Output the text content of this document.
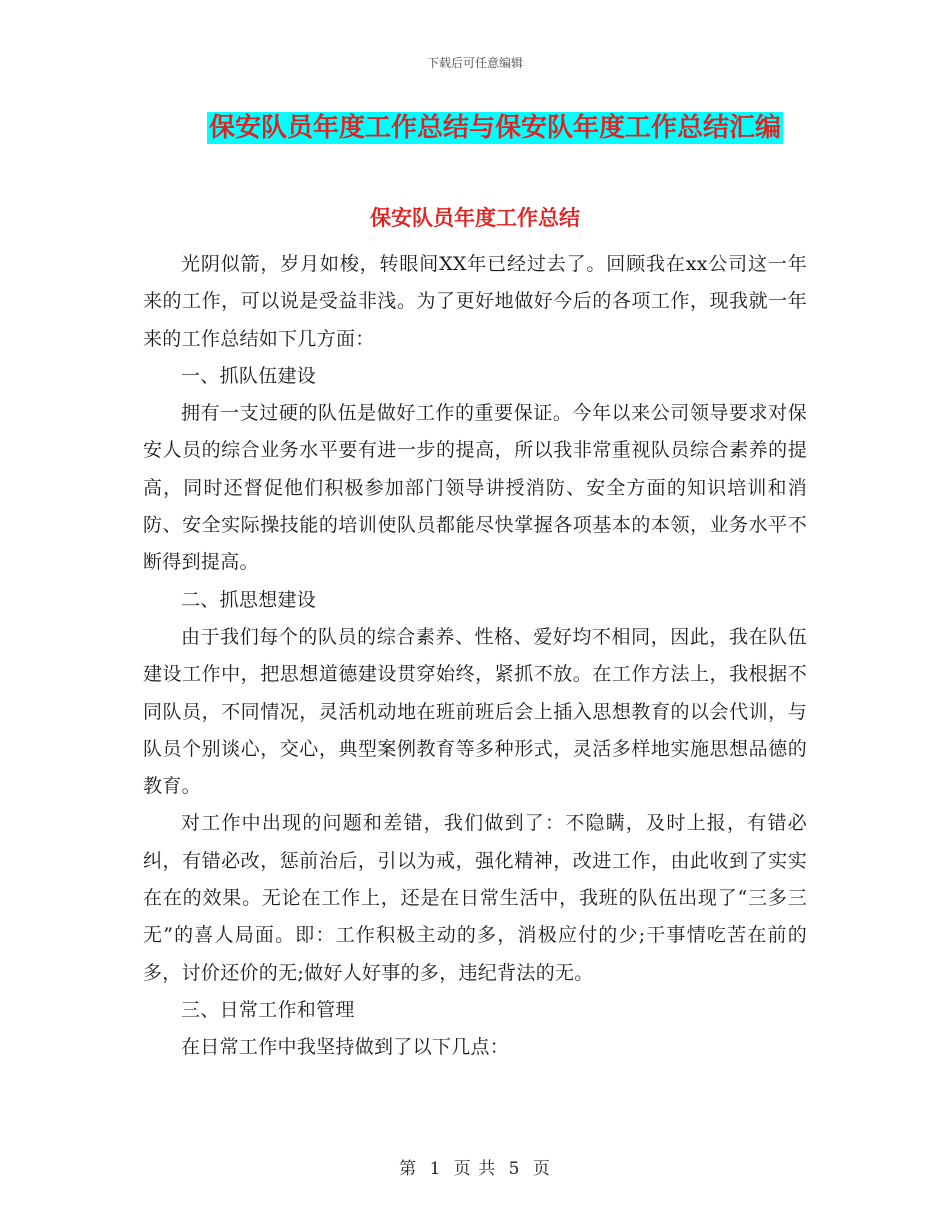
下载后可任意编辑
保安队员年度工作总结与保安队年度工作总结汇编
保安队员年度工作总结

光阴似箭，岁月如梭，转眼间XX年已经过去了。回顾我在xx公司这一年来的工作，可以说是受益非浅。为了更好地做好今后的各项工作，现我就一年来的工作总结如下几方面：

一、抓队伍建设

拥有一支过硬的队伍是做好工作的重要保证。今年以来公司领导要求对保安人员的综合业务水平要有进一步的提高，所以我非常重视队员综合素养的提高，同时还督促他们积极参加部门领导讲授消防、安全方面的知识培训和消防、安全实际操技能的培训使队员都能尽快掌握各项基本的本领，业务水平不断得到提高。

二、抓思想建设

由于我们每个的队员的综合素养、性格、爱好均不相同，因此，我在队伍建设工作中，把思想道德建设贯穿始终，紧抓不放。在工作方法上，我根据不同队员，不同情况，灵活机动地在班前班后会上插入思想教育的以会代训，与队员个别谈心，交心，典型案例教育等多种形式，灵活多样地实施思想品德的教育。

对工作中出现的问题和差错，我们做到了：不隐瞒，及时上报，有错必纠，有错必改，惩前治后，引以为戒，强化精神，改进工作，由此收到了实实在在的效果。无论在工作上，还是在日常生活中，我班的队伍出现了“三多三无”的喜人局面。即：工作积极主动的多，消极应付的少;干事情吃苦在前的多，讨价还价的无;做好人好事的多，违纪背法的无。

三、日常工作和管理

在日常工作中我坚持做到了以下几点：

第 1 页 共 5 页
